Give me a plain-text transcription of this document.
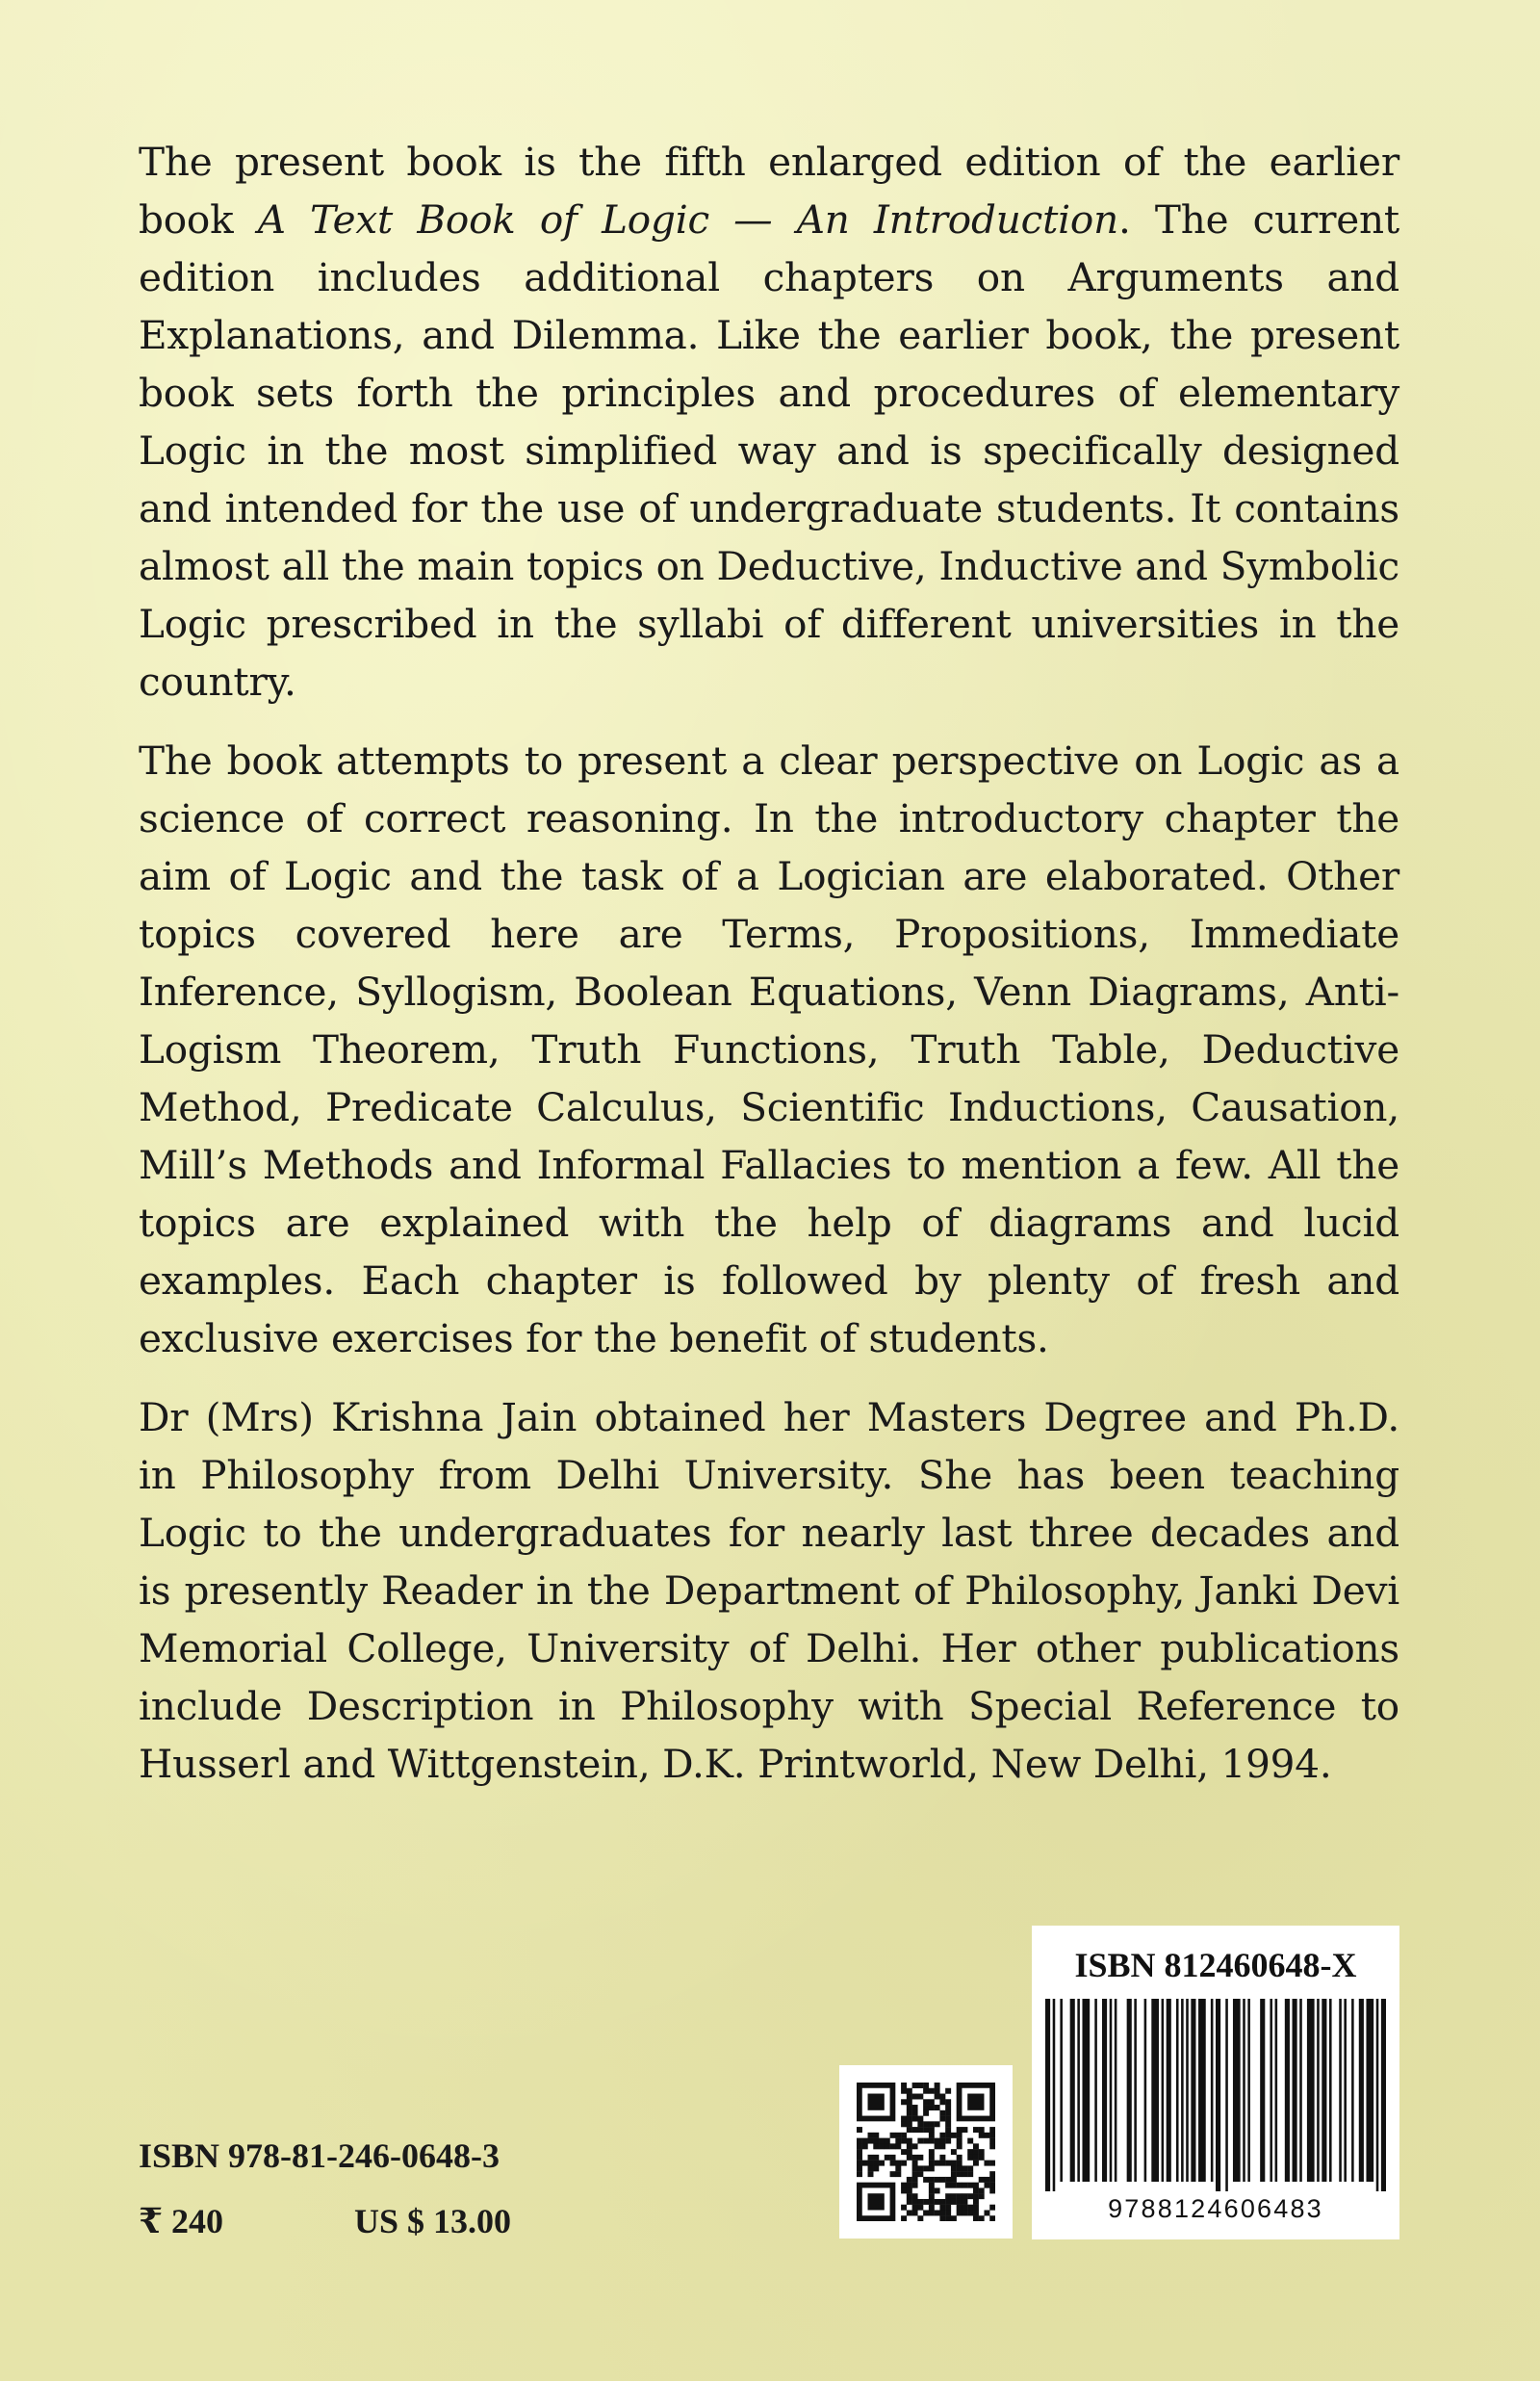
The present book is the fifth enlarged edition of the earlier book A Text Book of Logic — An Introduction. The current edition includes additional chapters on Arguments and Explanations, and Dilemma. Like the earlier book, the present book sets forth the principles and procedures of elementary Logic in the most simplified way and is specifically designed and intended for the use of undergraduate students. It contains almost all the main topics on Deductive, Inductive and Symbolic Logic prescribed in the syllabi of different universities in the country.

The book attempts to present a clear perspective on Logic as a science of correct reasoning. In the introductory chapter the aim of Logic and the task of a Logician are elaborated. Other topics covered here are Terms, Propositions, Immediate Inference, Syllogism, Boolean Equations, Venn Diagrams, Anti-Logism Theorem, Truth Functions, Truth Table, Deductive Method, Predicate Calculus, Scientific Inductions, Causation, Mill’s Methods and Informal Fallacies to mention a few. All the topics are explained with the help of diagrams and lucid examples. Each chapter is followed by plenty of fresh and exclusive exercises for the benefit of students.

Dr (Mrs) Krishna Jain obtained her Masters Degree and Ph.D. in Philosophy from Delhi University. She has been teaching Logic to the undergraduates for nearly last three decades and is presently Reader in the Department of Philosophy, Janki Devi Memorial College, University of Delhi. Her other publications include Description in Philosophy with Special Reference to Husserl and Wittgenstein, D.K. Printworld, New Delhi, 1994.

ISBN 978-81-246-0648-3
₹ 240	US $ 13.00
ISBN 812460648-X
9788124606483
